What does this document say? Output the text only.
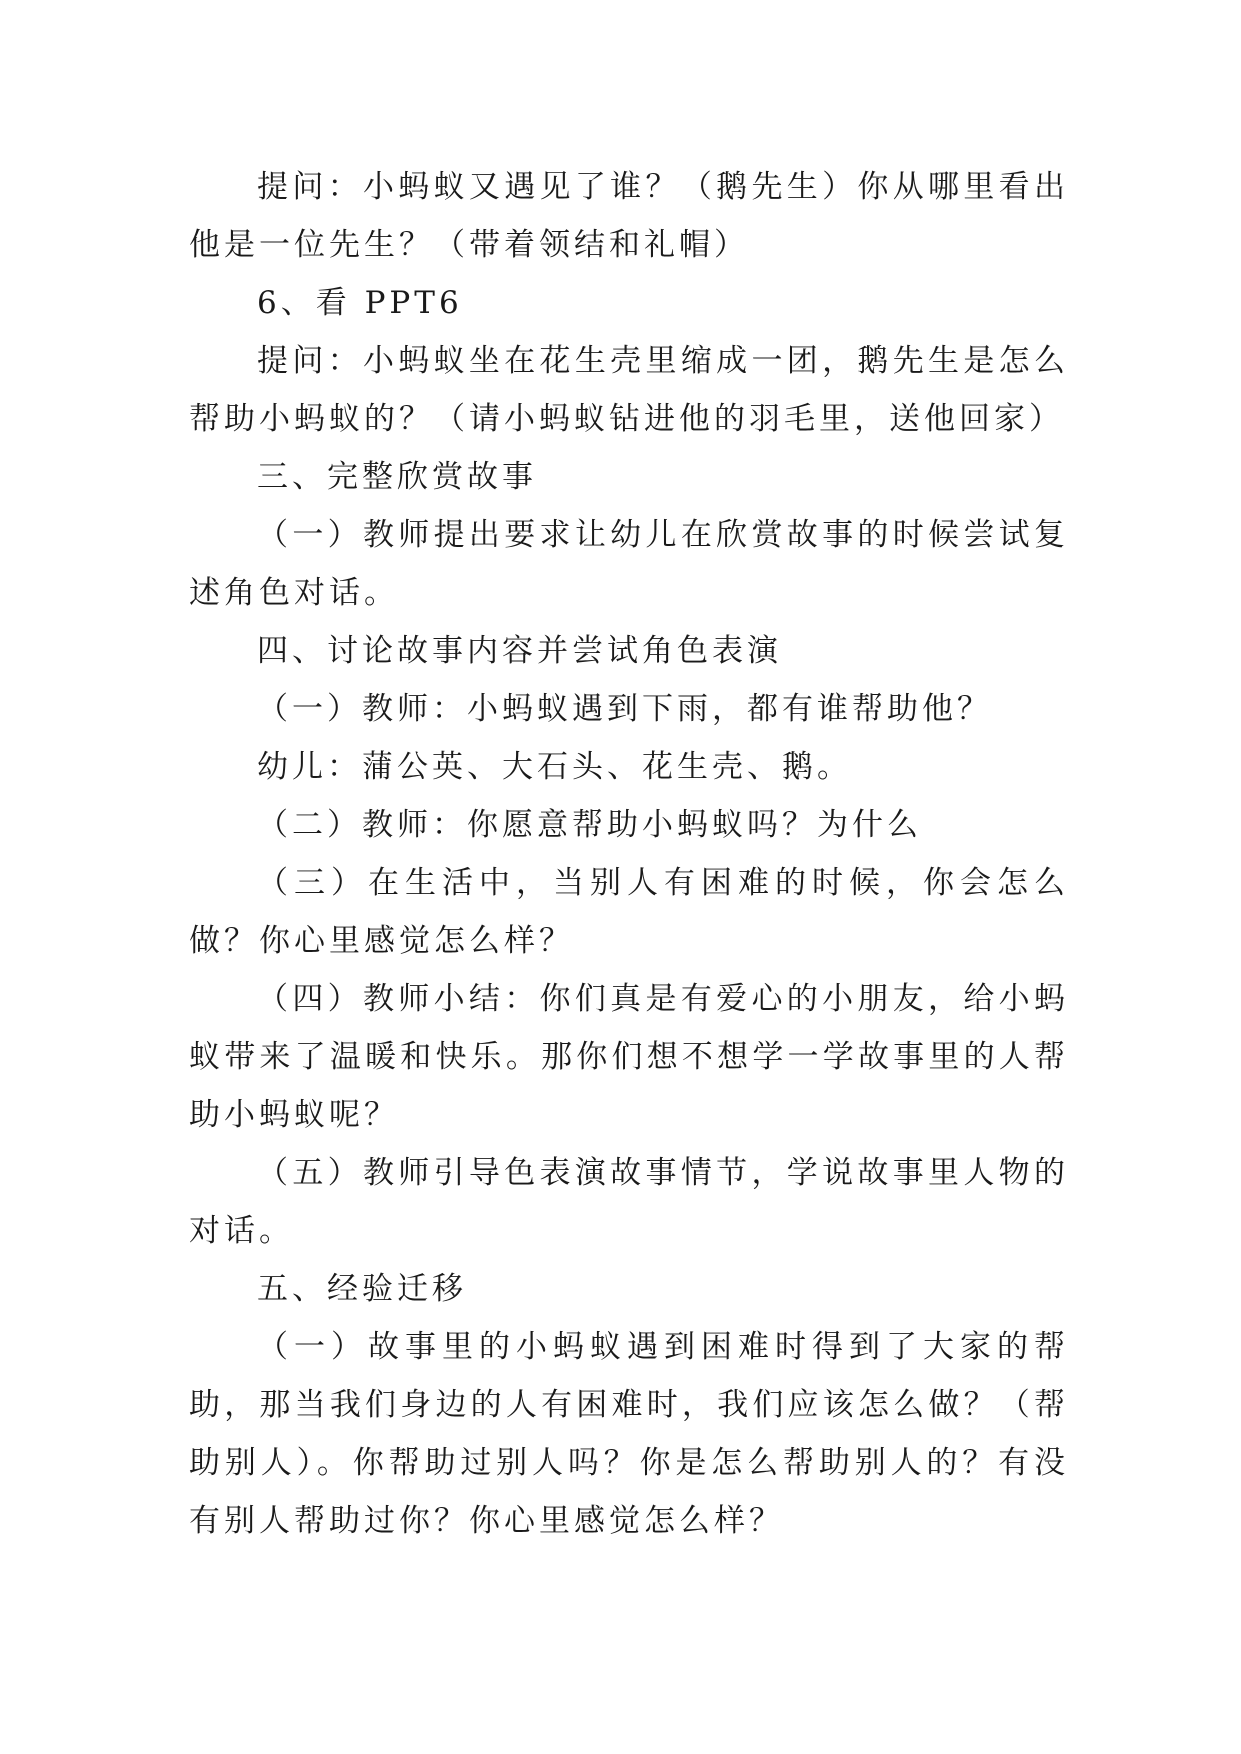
提问：小蚂蚁又遇见了谁？（鹅先生）你从哪里看出他是一位先生？（带着领结和礼帽）

6、看 PPT6

提问：小蚂蚁坐在花生壳里缩成一团，鹅先生是怎么帮助小蚂蚁的？（请小蚂蚁钻进他的羽毛里，送他回家）

三、完整欣赏故事

（一）教师提出要求让幼儿在欣赏故事的时候尝试复述角色对话。

四、讨论故事内容并尝试角色表演

（一）教师：小蚂蚁遇到下雨，都有谁帮助他？

幼儿：蒲公英、大石头、花生壳、鹅。

（二）教师：你愿意帮助小蚂蚁吗？为什么

（三）在生活中，当别人有困难的时候，你会怎么做？你心里感觉怎么样？

（四）教师小结：你们真是有爱心的小朋友，给小蚂蚁带来了温暖和快乐。那你们想不想学一学故事里的人帮助小蚂蚁呢？

（五）教师引导色表演故事情节，学说故事里人物的对话。

五、经验迁移

（一）故事里的小蚂蚁遇到困难时得到了大家的帮助，那当我们身边的人有困难时，我们应该怎么做？（帮助别人）。你帮助过别人吗？你是怎么帮助别人的？有没有别人帮助过你？你心里感觉怎么样？
